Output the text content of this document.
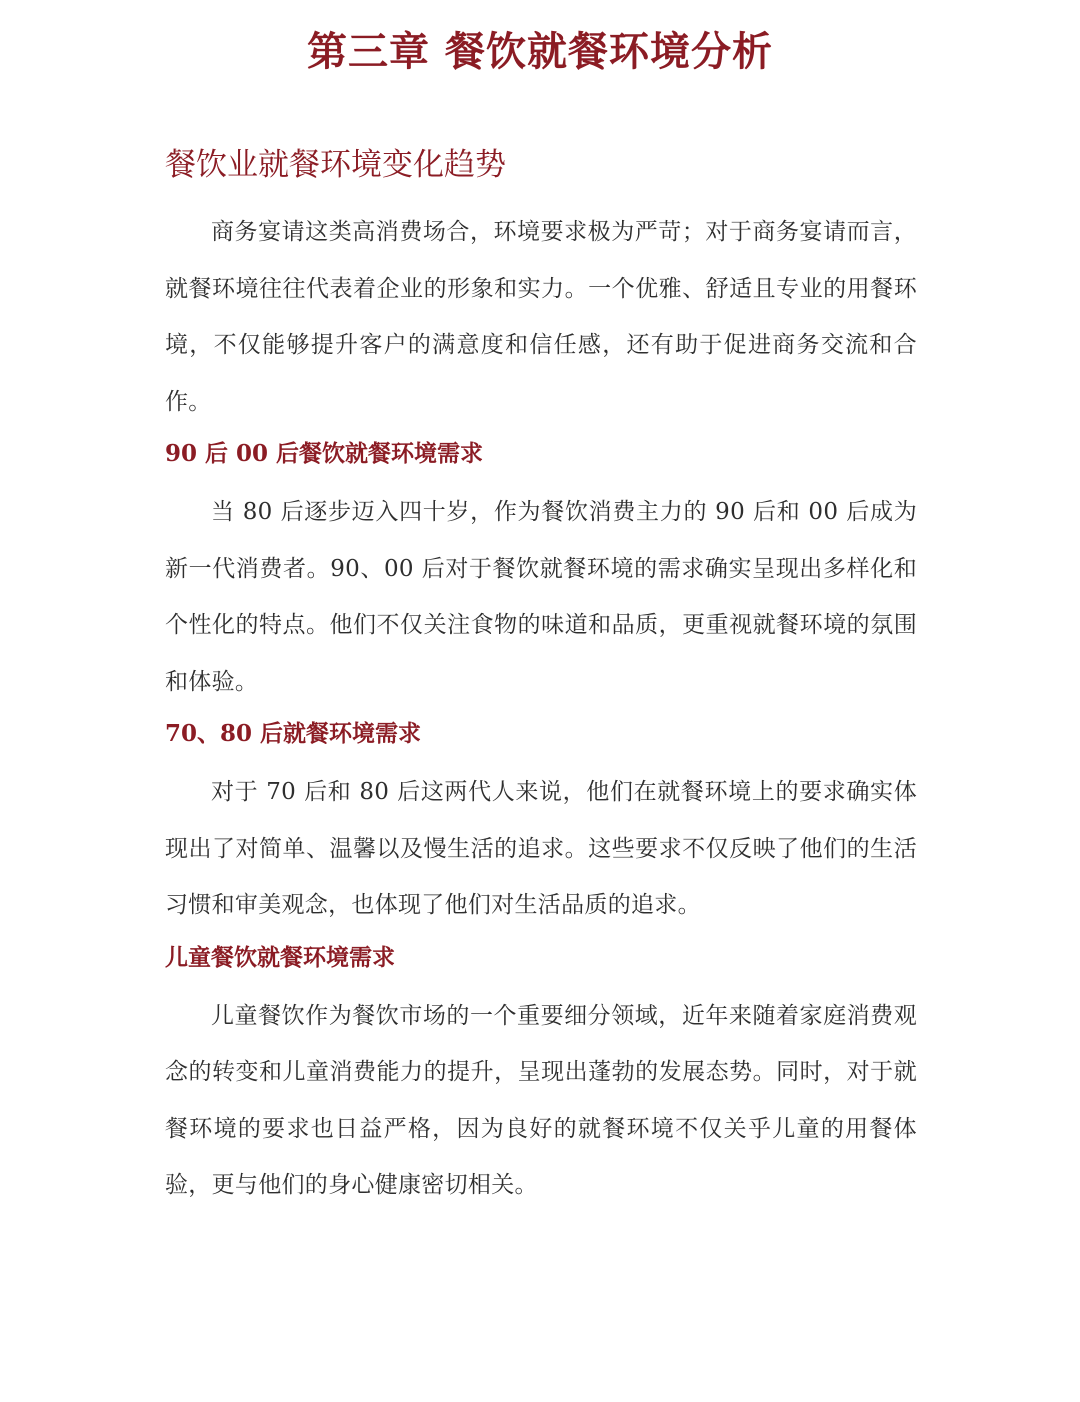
第三章 餐饮就餐环境分析
餐饮业就餐环境变化趋势

商务宴请这类高消费场合，环境要求极为严苛；对于商务宴请而言，就餐环境往往代表着企业的形象和实力。一个优雅、舒适且专业的用餐环境，不仅能够提升客户的满意度和信任感，还有助于促进商务交流和合作。

90 后 00 后餐饮就餐环境需求

当 80 后逐步迈入四十岁，作为餐饮消费主力的 90 后和 00 后成为新一代消费者。90、00 后对于餐饮就餐环境的需求确实呈现出多样化和个性化的特点。他们不仅关注食物的味道和品质，更重视就餐环境的氛围和体验。

70、80 后就餐环境需求

对于 70 后和 80 后这两代人来说，他们在就餐环境上的要求确实体现出了对简单、温馨以及慢生活的追求。这些要求不仅反映了他们的生活习惯和审美观念，也体现了他们对生活品质的追求。

儿童餐饮就餐环境需求

儿童餐饮作为餐饮市场的一个重要细分领域，近年来随着家庭消费观念的转变和儿童消费能力的提升，呈现出蓬勃的发展态势。同时，对于就餐环境的要求也日益严格，因为良好的就餐环境不仅关乎儿童的用餐体验，更与他们的身心健康密切相关。
